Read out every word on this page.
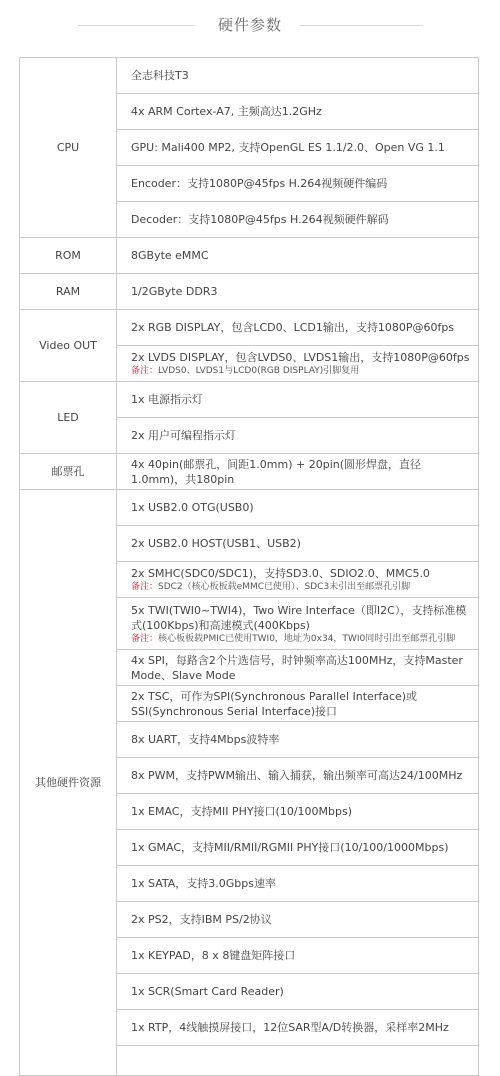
硬件参数
CPU	全志科技T3
	4x ARM Cortex-A7, 主频高达1.2GHz
	GPU: Mali400 MP2, 支持OpenGL ES 1.1/2.0、Open VG 1.1
	Encoder：支持1080P@45fps H.264视频硬件编码
	Decoder：支持1080P@45fps H.264视频硬件解码
ROM	8GByte eMMC
RAM	1/2GByte DDR3
Video OUT	2x RGB DISPLAY，包含LCD0、LCD1输出，支持1080P@60fps
	2x LVDS DISPLAY，包含LVDS0、LVDS1输出，支持1080P@60fps
备注：LVDS0、LVDS1与LCD0(RGB DISPLAY)引脚复用

LED	1x 电源指示灯
	2x 用户可编程指示灯
邮票孔	4x 40pin(邮票孔，间距1.0mm) + 20pin(圆形焊盘，直径1.0mm)，共180pin
其他硬件资源	1x USB2.0 OTG(USB0)
	2x USB2.0 HOST(USB1、USB2)
	2x SMHC(SDC0/SDC1)，支持SD3.0、SDIO2.0、MMC5.0
备注：SDC2（核心板板载eMMC已使用）、SDC3未引出至邮票孔引脚

	5x TWI(TWI0~TWI4)，Two Wire Interface（即I2C），支持标准模式(100Kbps)和高速模式(400Kbps)
备注：核心板板载PMIC已使用TWI0，地址为0x34，TWI0同时引出至邮票孔引脚

	4x SPI，每路含2个片选信号，时钟频率高达100MHz，支持Master Mode、Slave Mode
	2x TSC，可作为SPI(Synchronous Parallel Interface)或SSI(Synchronous Serial Interface)接口
	8x UART，支持4Mbps波特率
	8x PWM，支持PWM输出、输入捕获，输出频率可高达24/100MHz
	1x EMAC，支持MII PHY接口(10/100Mbps)
	1x GMAC，支持MII/RMII/RGMII PHY接口(10/100/1000Mbps)
	1x SATA，支持3.0Gbps速率
	2x PS2，支持IBM PS/2协议
	1x KEYPAD，8 x 8键盘矩阵接口
	1x SCR(Smart Card Reader)
	1x RTP，4线触摸屏接口，12位SAR型A/D转换器，采样率2MHz
